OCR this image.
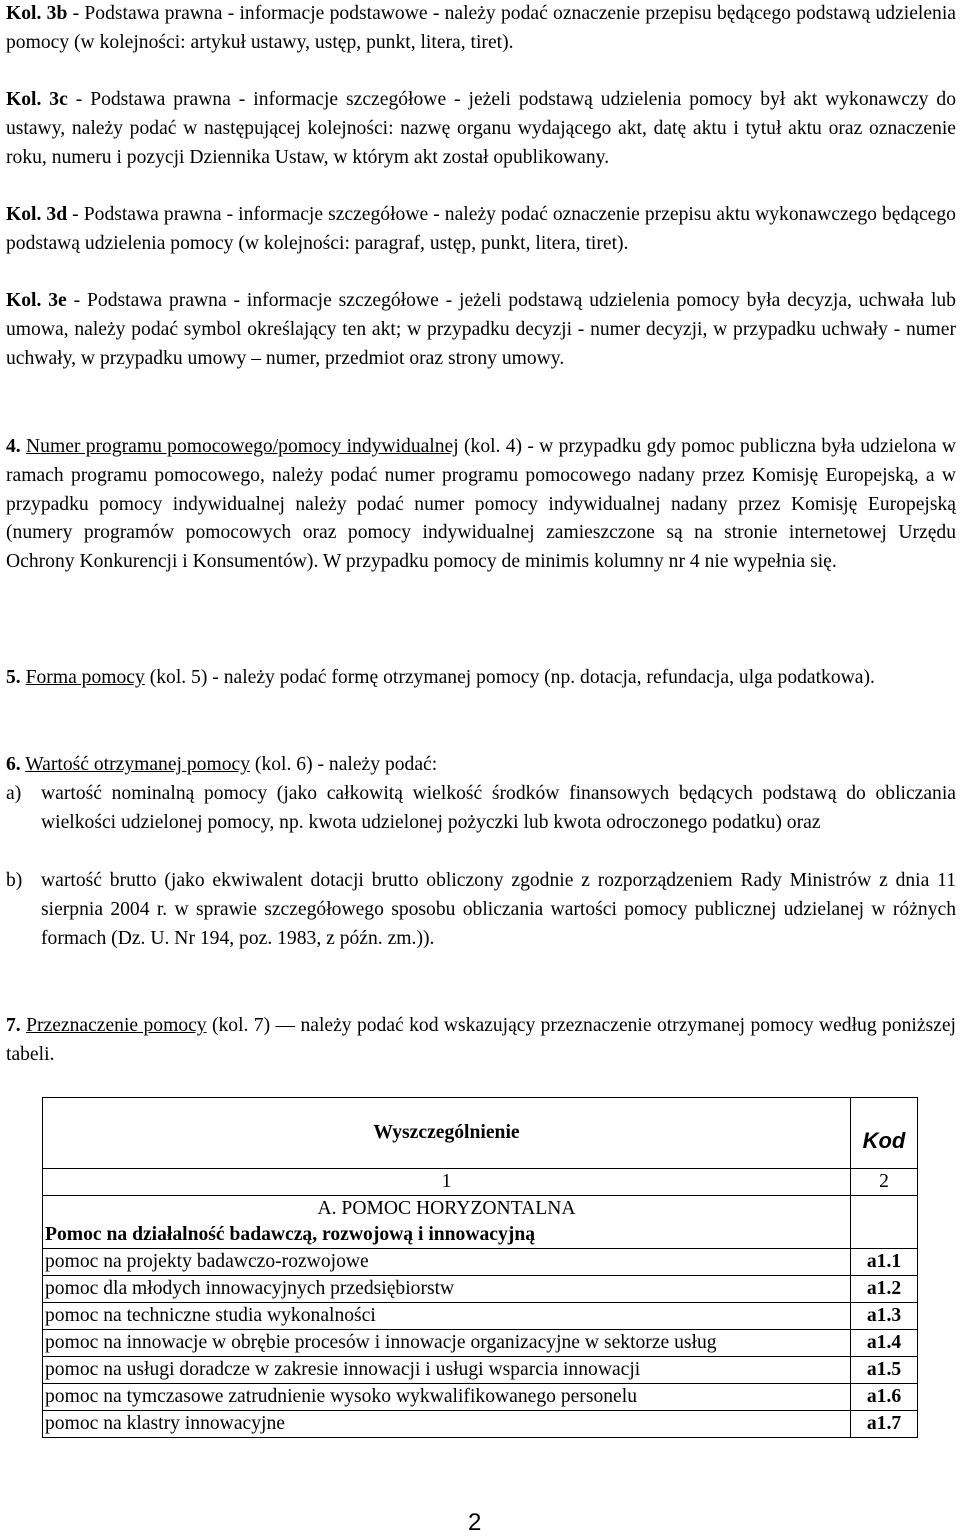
Kol. 3b - Podstawa prawna - informacje podstawowe - należy podać oznaczenie przepisu będącego podstawą udzielenia pomocy (w kolejności: artykuł ustawy, ustęp, punkt, litera, tiret).

Kol. 3c - Podstawa prawna - informacje szczegółowe - jeżeli podstawą udzielenia pomocy był akt wykonawczy do ustawy, należy podać w następującej kolejności: nazwę organu wydającego akt, datę aktu i tytuł aktu oraz oznaczenie roku, numeru i pozycji Dziennika Ustaw, w którym akt został opublikowany.

Kol. 3d - Podstawa prawna - informacje szczegółowe - należy podać oznaczenie przepisu aktu wykonawczego będącego podstawą udzielenia pomocy (w kolejności: paragraf, ustęp, punkt, litera, tiret).

Kol. 3e - Podstawa prawna - informacje szczegółowe - jeżeli podstawą udzielenia pomocy była decyzja, uchwała lub umowa, należy podać symbol określający ten akt; w przypadku decyzji - numer decyzji, w przypadku uchwały - numer uchwały, w przypadku umowy – numer, przedmiot oraz strony umowy.

4. Numer programu pomocowego/pomocy indywidualnej (kol. 4) - w przypadku gdy pomoc publiczna była udzielona w ramach programu pomocowego, należy podać numer programu pomocowego nadany przez Komisję Europejską, a w przypadku pomocy indywidualnej należy podać numer pomocy indywidualnej nadany przez Komisję Europejską (numery programów pomocowych oraz pomocy indywidualnej zamieszczone są na stronie internetowej Urzędu Ochrony Konkurencji i Konsumentów). W przypadku pomocy de minimis kolumny nr 4 nie wypełnia się.

5. Forma pomocy (kol. 5) - należy podać formę otrzymanej pomocy (np. dotacja, refundacja, ulga podatkowa).

6. Wartość otrzymanej pomocy (kol. 6) - należy podać:

a) wartość nominalną pomocy (jako całkowitą wielkość środków finansowych będących podstawą do obliczania wielkości udzielonej pomocy, np. kwota udzielonej pożyczki lub kwota odroczonego podatku) oraz
b) wartość brutto (jako ekwiwalent dotacji brutto obliczony zgodnie z rozporządzeniem Rady Ministrów z dnia 11 sierpnia 2004 r. w sprawie szczegółowego sposobu obliczania wartości pomocy publicznej udzielanej w różnych formach (Dz. U. Nr 194, poz. 1983, z późn. zm.)).

7. Przeznaczenie pomocy (kol. 7) — należy podać kod wskazujący przeznaczenie otrzymanej pomocy według poniższej tabeli.

Wyszczególnienie	Kod
1	2
A. POMOC HORYZONTALNA	
Pomoc na działalność badawczą, rozwojową i innowacyjną	
pomoc na projekty badawczo-rozwojowe	a1.1
pomoc dla młodych innowacyjnych przedsiębiorstw	a1.2
pomoc na techniczne studia wykonalności	a1.3
pomoc na innowacje w obrębie procesów i innowacje organizacyjne w sektorze usług	a1.4
pomoc na usługi doradcze w zakresie innowacji i usługi wsparcia innowacji	a1.5
pomoc na tymczasowe zatrudnienie wysoko wykwalifikowanego personelu	a1.6
pomoc na klastry innowacyjne	a1.7
2
